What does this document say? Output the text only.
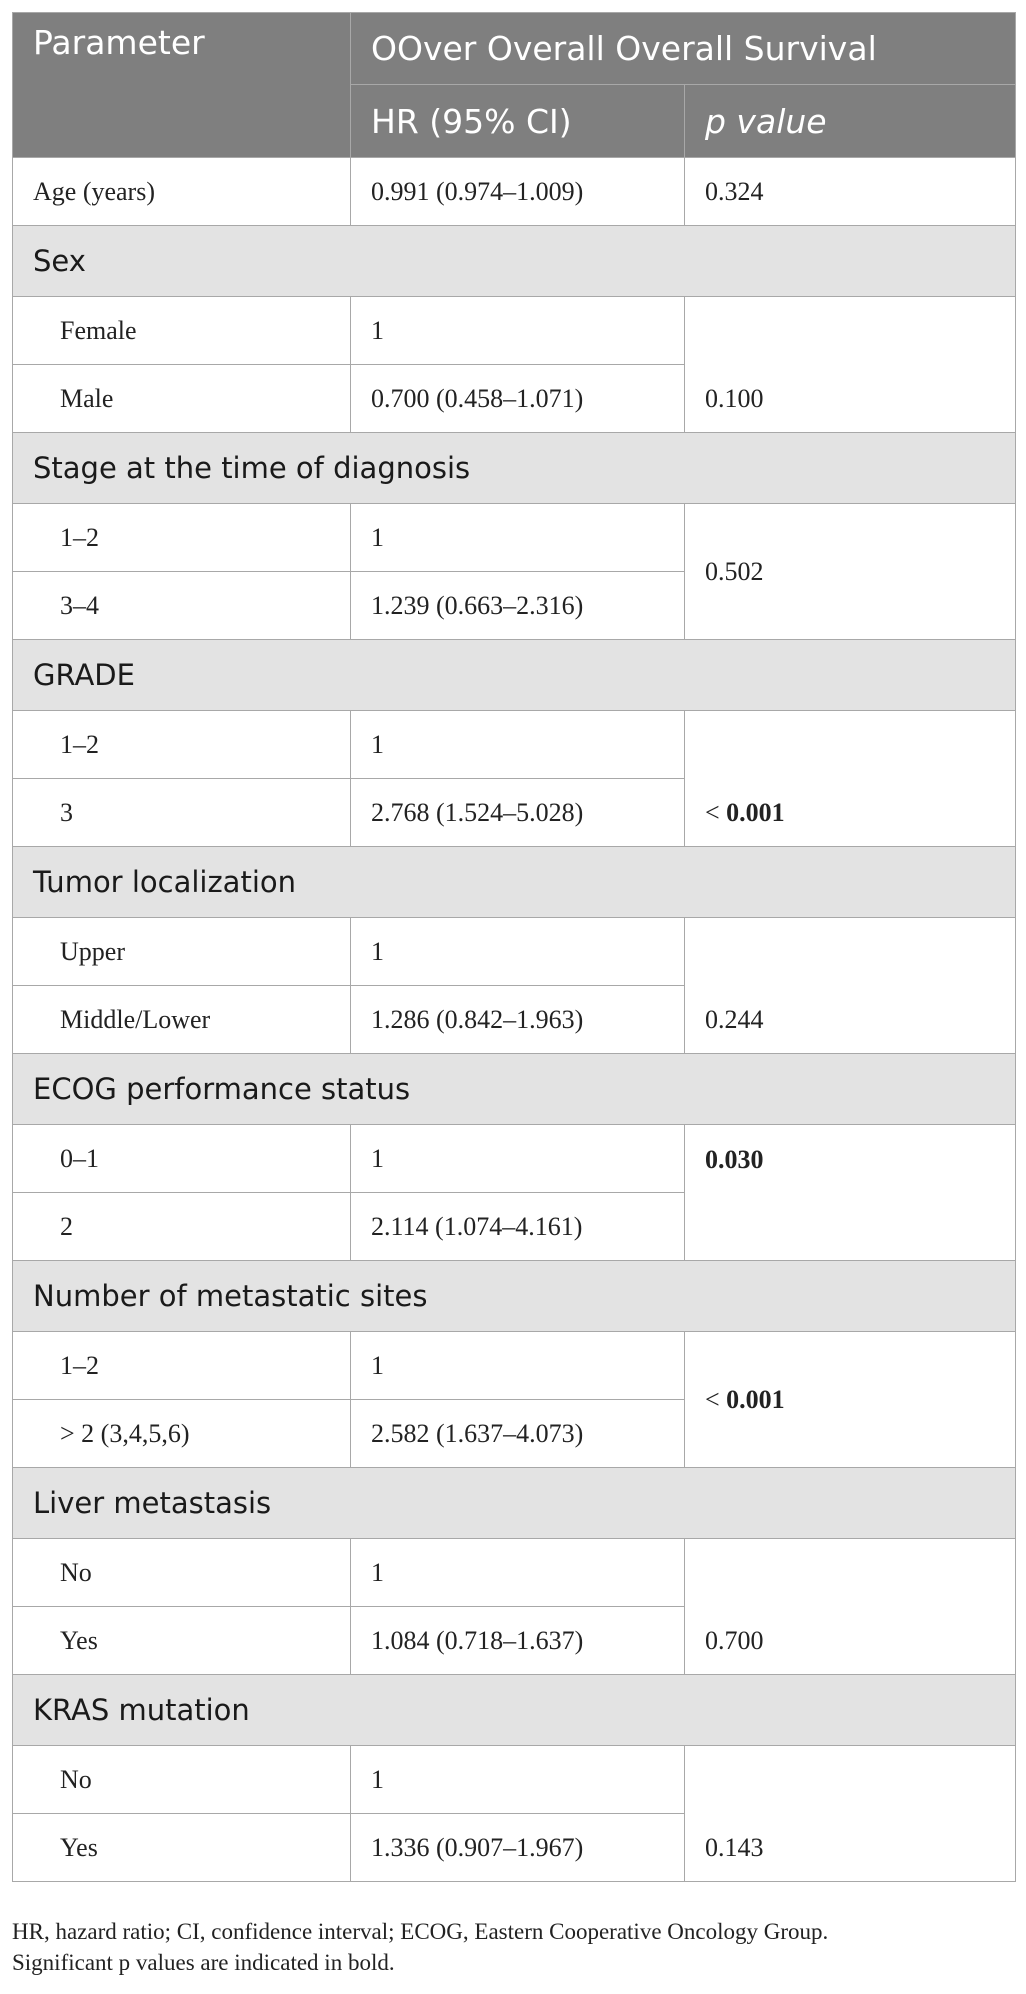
Parameter	OOver Overall Overall Survival	
	HR (95% CI)	p value
Age (years)	0.991 (0.974–1.009)	0.324
Sex		
Female	1	0.100
Male	0.700 (0.458–1.071)	
Stage at the time of diagnosis		
1–2	1	0.502
3–4	1.239 (0.663–2.316)	
GRADE		
1–2	1	< 0.001
3	2.768 (1.524–5.028)	
Tumor localization		
Upper	1	0.244
Middle/Lower	1.286 (0.842–1.963)	
ECOG performance status		
0–1	1	0.030
2	2.114 (1.074–4.161)	
Number of metastatic sites		
1–2	1	< 0.001
> 2 (3,4,5,6)	2.582 (1.637–4.073)	
Liver metastasis		
No	1	0.700
Yes	1.084 (0.718–1.637)	
KRAS mutation		
No	1	0.143
Yes	1.336 (0.907–1.967)	
HR, hazard ratio; CI, confidence interval; ECOG, Eastern Cooperative Oncology Group.
Significant p values are indicated in bold.
